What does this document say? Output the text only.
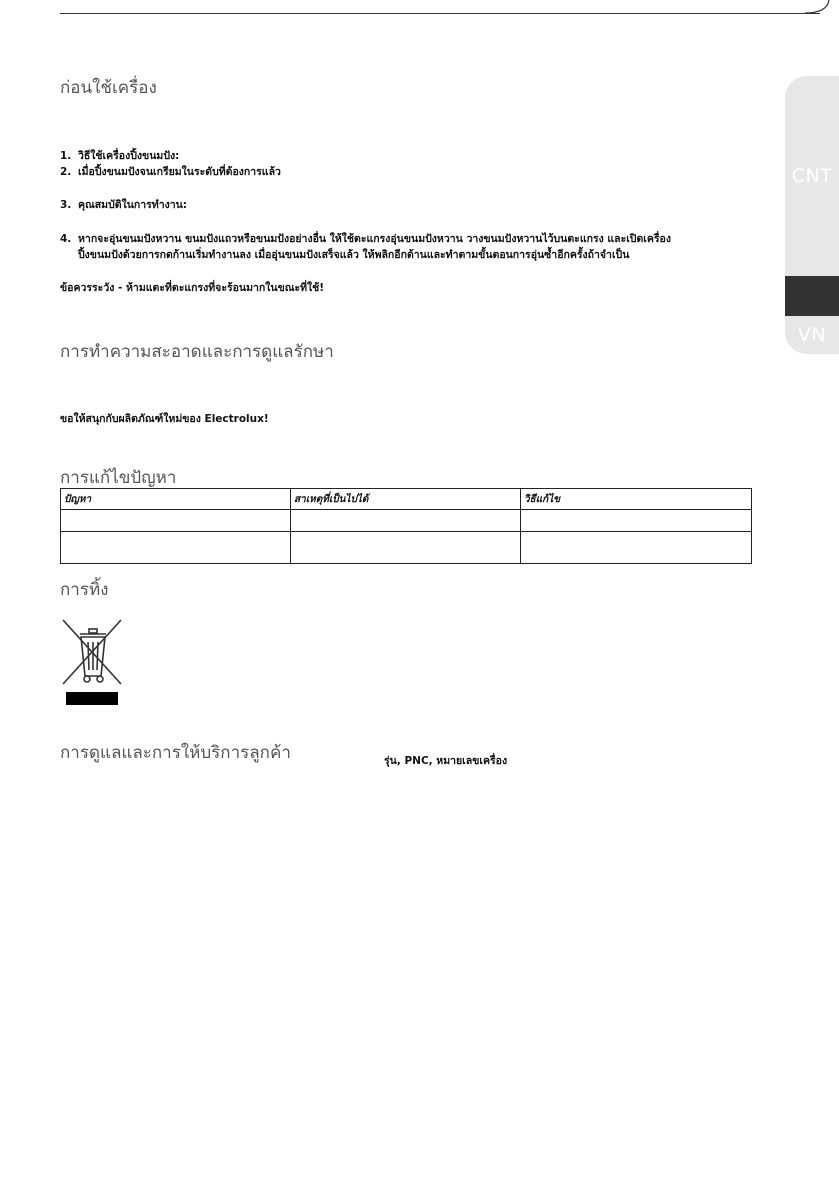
CNT
VN
ก่อนใช้เครื่อง

1. วิธีใช้เครื่องปิ้งขนมปัง:

2. เมื่อปิ้งขนมปังจนเกรียมในระดับที่ต้องการแล้ว

3. คุณสมบัติในการทำงาน:

4. หากจะอุ่นขนมปังหวาน ขนมปังแถวหรือขนมปังอย่างอื่น ให้ใช้ตะแกรงอุ่นขนมปังหวาน วางขนมปังหวานไว้บนตะแกรง และเปิดเครื่อง

ปิ้งขนมปังด้วยการกดก้านเริ่มทำงานลง เมื่ออุ่นขนมปังเสร็จแล้ว ให้พลิกอีกด้านและทำตามขั้นตอนการอุ่นซ้ำอีกครั้งถ้าจำเป็น

ข้อควรระวัง - ห้ามแตะที่ตะแกรงที่จะร้อนมากในขณะที่ใช้!

การทำความสะอาดและการดูแลรักษา

ขอให้สนุกกับผลิตภัณฑ์ใหม่ของ Electrolux!

การแก้ไขปัญหา
ปัญหา	สาเหตุที่เป็นไปได้	วิธีแก้ไข

การทิ้ง
การดูแลและการให้บริการลูกค้า	รุ่น, PNC, หมายเลขเครื่อง
